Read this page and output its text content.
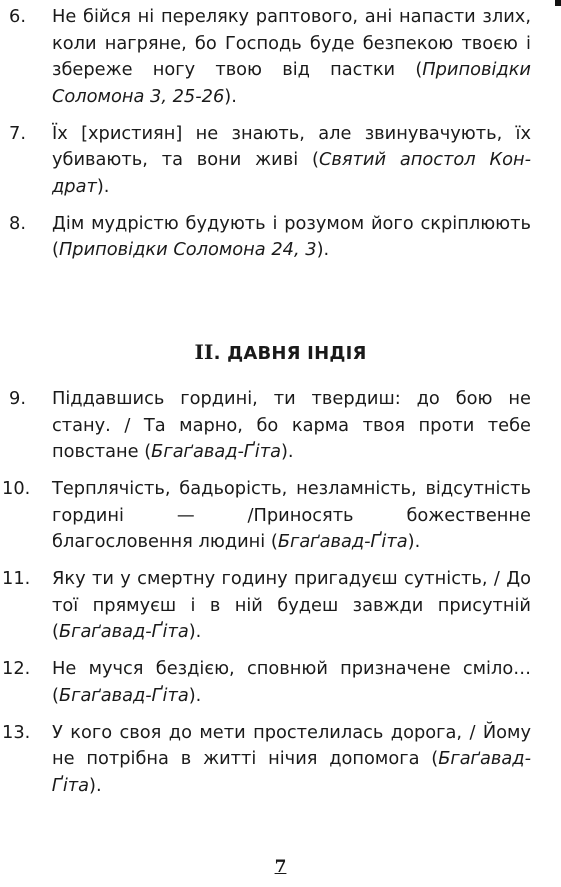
6. Не бійся ні переляку раптового, ані напасти злих, коли нагряне, бо Господь буде безпекою твоєю і збереже ногу твою від пастки (Приповідки Соломона 3, 25-26).
7. Їх [християн] не знають, але звинувачують, їх убивають, та вони живі (Святий апостол Кондрат).
8. Дім мудрістю будують і розумом його скріплюють (Приповідки Соломона 24, 3).
ІІ. ДАВНЯ ІНДІЯ
9. Піддавшись гордині, ти твердиш: до бою не стану. / Та марно, бо карма твоя проти тебе повстане (Бгаґавад-Ґіта).
10. Терплячість, бадьорість, незламність, відсутність гордині — /Приносять божественне благословення людині (Бгаґавад-Ґіта).
11. Яку ти у смертну годину пригадуєш сутність, / До тої прямуєш і в ній будеш завжди присутній (Бгаґавад-Ґіта).
12. Не мучся бездією, сповнюй призначене сміло… (Бгаґавад-Ґіта).
13. У кого своя до мети простелилась дорога, / Йому не потрібна в житті нічия допомога (Бгаґавад-Ґіта).
7
